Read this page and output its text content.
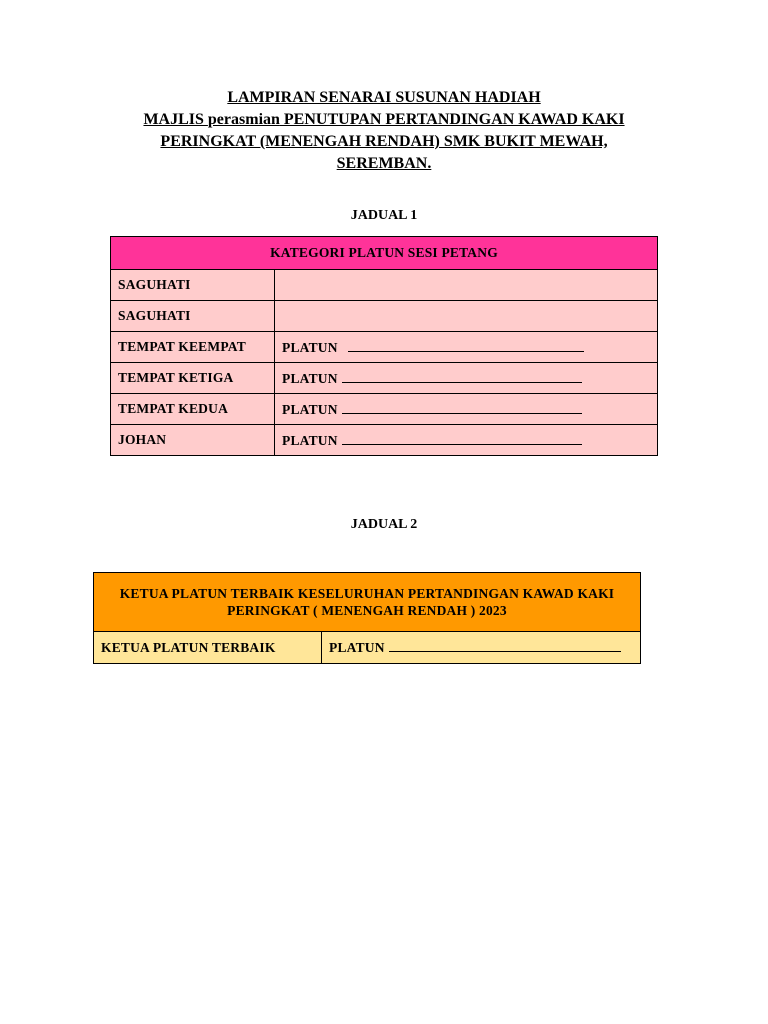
LAMPIRAN SENARAI SUSUNAN HADIAH
MAJLIS perasmian PENUTUPAN PERTANDINGAN KAWAD KAKI
PERINGKAT (MENENGAH RENDAH) SMK BUKIT MEWAH,
SEREMBAN.
JADUAL 1
KATEGORI PLATUN SESI PETANG	
SAGUHATI	
SAGUHATI	
TEMPAT KEEMPAT	PLATUN
TEMPAT KETIGA	PLATUN
TEMPAT KEDUA	PLATUN
JOHAN	PLATUN
JADUAL 2
KETUA PLATUN TERBAIK KESELURUHAN PERTANDINGAN KAWAD KAKI PERINGKAT ( MENENGAH RENDAH ) 2023
KETUA PLATUN TERBAIK	PLATUN
